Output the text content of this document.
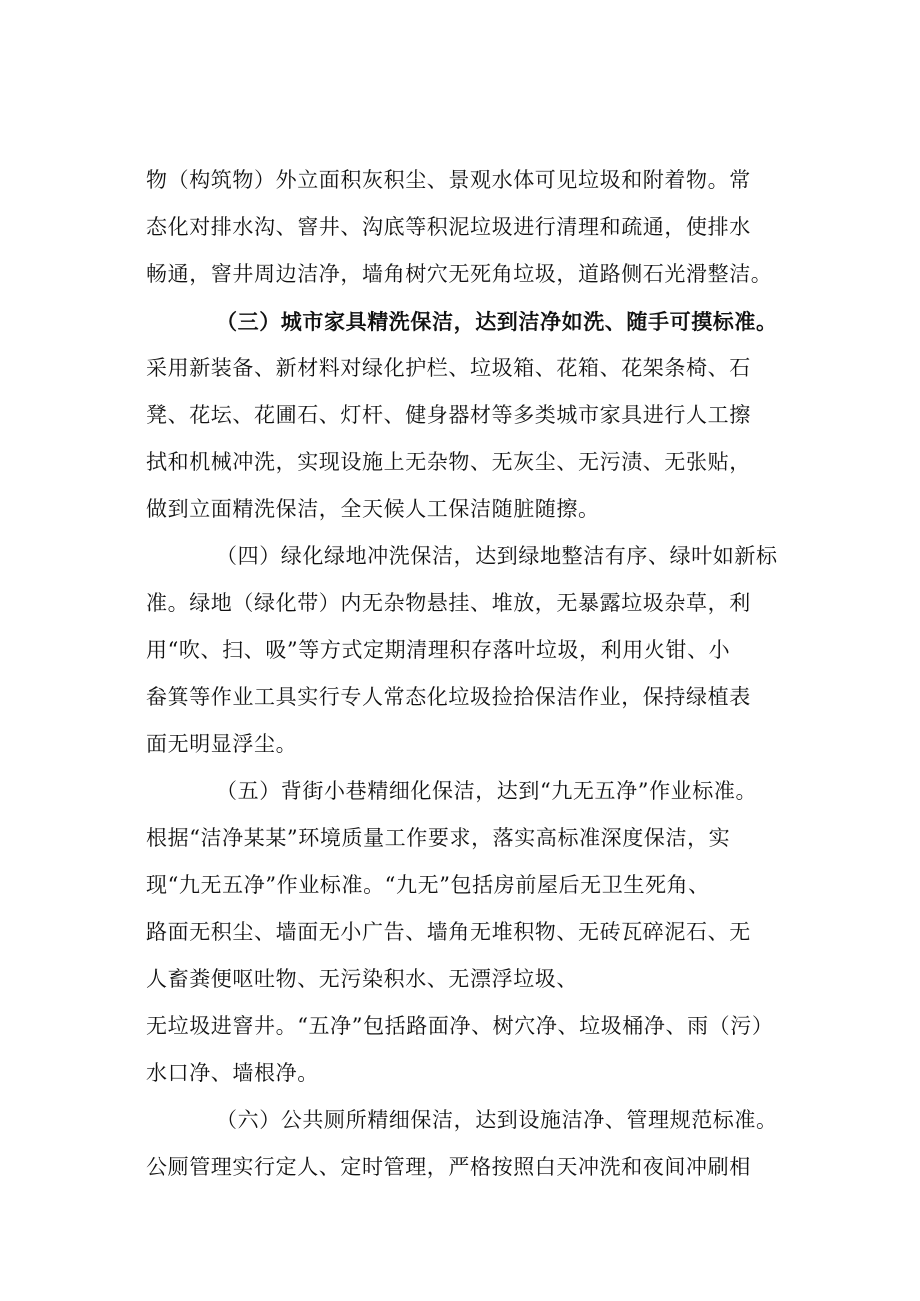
物（构筑物）外立面积灰积尘、景观水体可见垃圾和附着物。常
态化对排水沟、窨井、沟底等积泥垃圾进行清理和疏通，使排水
畅通，窨井周边洁净，墙角树穴无死角垃圾，道路侧石光滑整洁。
（三）城市家具精洗保洁，达到洁净如洗、随手可摸标准。
采用新装备、新材料对绿化护栏、垃圾箱、花箱、花架条椅、石
凳、花坛、花圃石、灯杆、健身器材等多类城市家具进行人工擦
拭和机械冲洗，实现设施上无杂物、无灰尘、无污渍、无张贴，
做到立面精洗保洁，全天候人工保洁随脏随擦。
（四）绿化绿地冲洗保洁，达到绿地整洁有序、绿叶如新标
准。绿地（绿化带）内无杂物悬挂、堆放，无暴露垃圾杂草，利
用“吹、扫、吸”等方式定期清理积存落叶垃圾，利用火钳、小
畚箕等作业工具实行专人常态化垃圾捡拾保洁作业，保持绿植表
面无明显浮尘。
（五）背街小巷精细化保洁，达到“九无五净”作业标准。
根据“洁净某某”环境质量工作要求，落实高标准深度保洁，实
现“九无五净”作业标准。“九无”包括房前屋后无卫生死角、
路面无积尘、墙面无小广告、墙角无堆积物、无砖瓦碎泥石、无
人畜粪便呕吐物、无污染积水、无漂浮垃圾、
无垃圾进窨井。“五净”包括路面净、树穴净、垃圾桶净、雨（污）
水口净、墙根净。
（六）公共厕所精细保洁，达到设施洁净、管理规范标准。
公厕管理实行定人、定时管理，严格按照白天冲洗和夜间冲刷相
